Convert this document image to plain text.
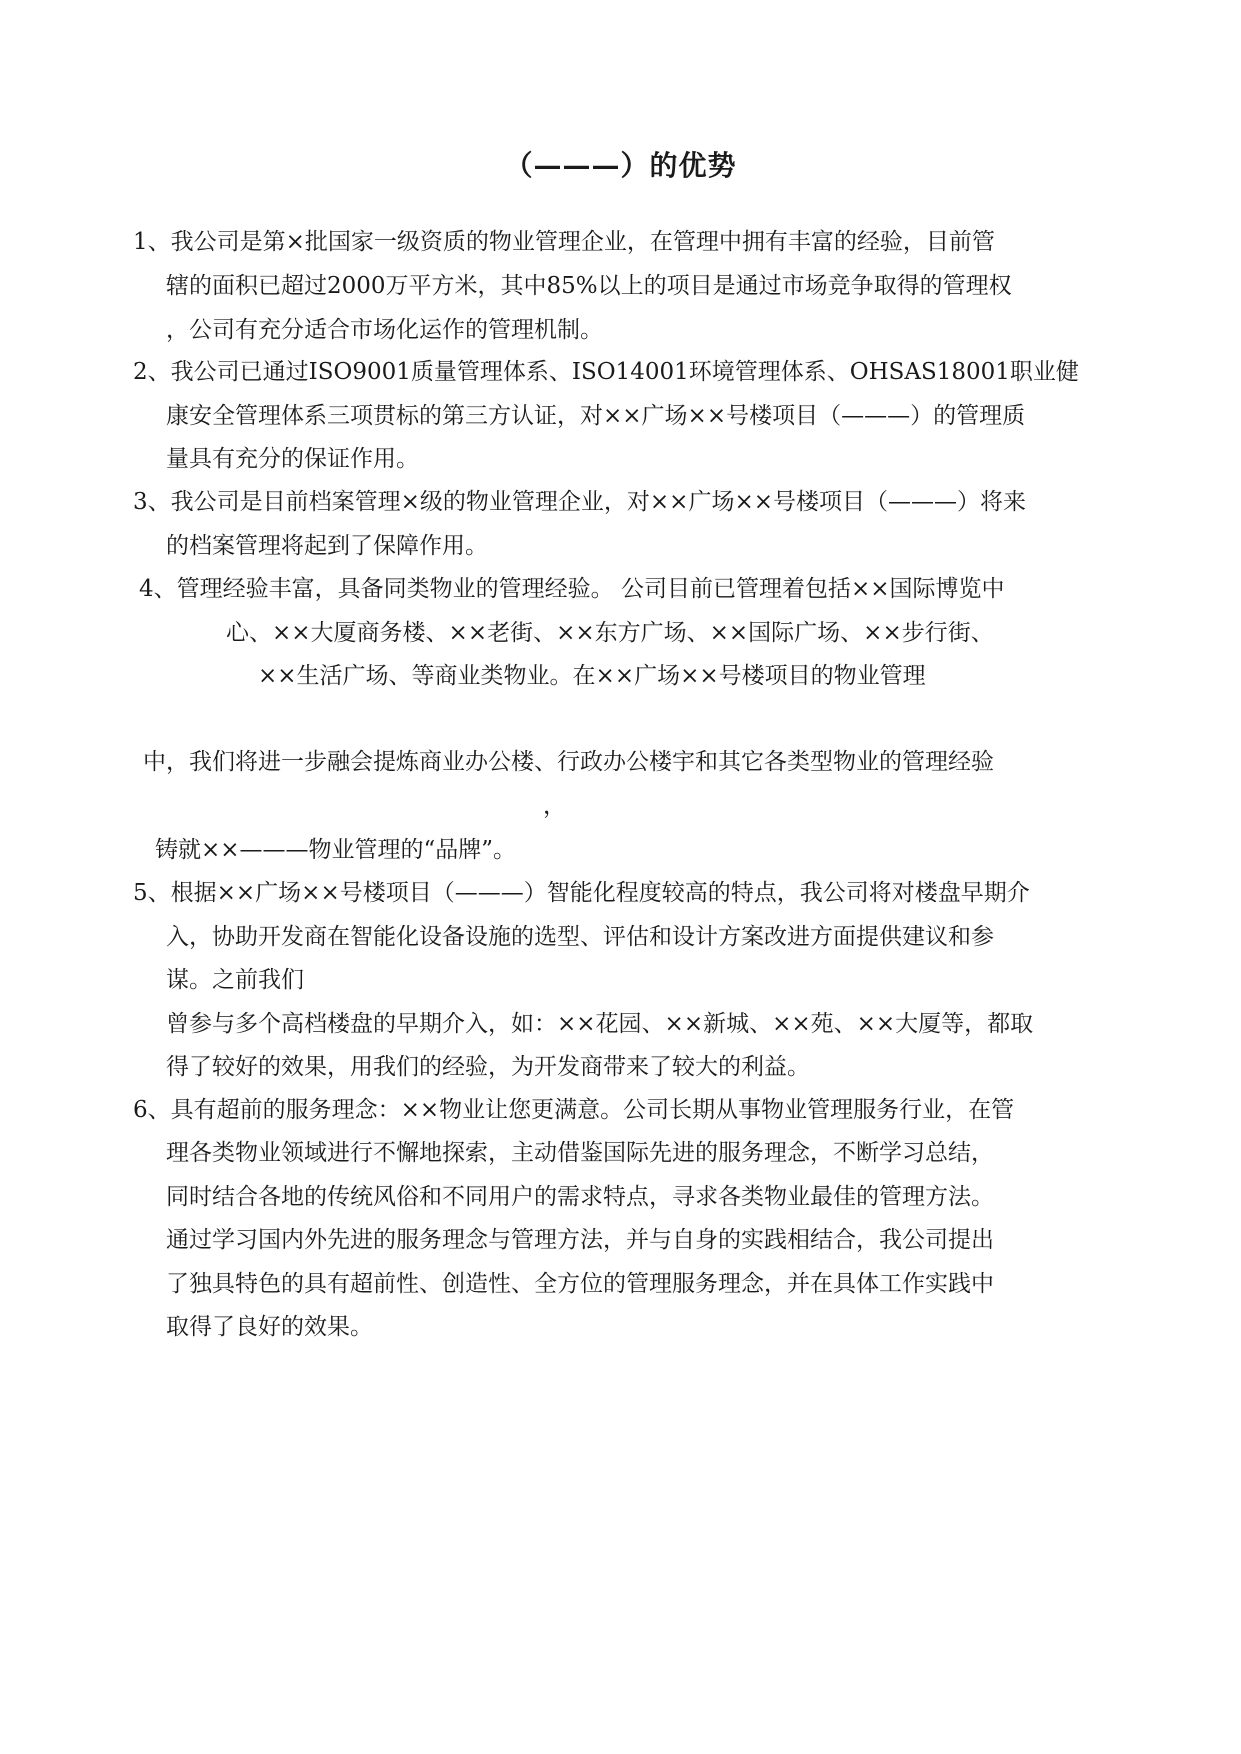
（———）的优势
1、我公司是第×批国家一级资质的物业管理企业，在管理中拥有丰富的经验，目前管
辖的面积已超过2000万平方米，其中85%以上的项目是通过市场竞争取得的管理权
，公司有充分适合市场化运作的管理机制。
2、我公司已通过ISO9001质量管理体系、ISO14001环境管理体系、OHSAS18001职业健
康安全管理体系三项贯标的第三方认证，对××广场××号楼项目（———）的管理质
量具有充分的保证作用。
3、我公司是目前档案管理×级的物业管理企业，对××广场××号楼项目（———）将来
的档案管理将起到了保障作用。
4、管理经验丰富，具备同类物业的管理经验。 公司目前已管理着包括××国际博览中
心、××大厦商务楼、××老街、××东方广场、××国际广场、××步行街、
××生活广场、等商业类物业。在××广场××号楼项目的物业管理
中，我们将进一步融会提炼商业办公楼、行政办公楼宇和其它各类型物业的管理经验
，
铸就××———物业管理的“品牌”。
5、根据××广场××号楼项目（———）智能化程度较高的特点，我公司将对楼盘早期介
入，协助开发商在智能化设备设施的选型、评估和设计方案改进方面提供建议和参
谋。之前我们
曾参与多个高档楼盘的早期介入，如：××花园、××新城、××苑、××大厦等，都取
得了较好的效果，用我们的经验，为开发商带来了较大的利益。
6、具有超前的服务理念：××物业让您更满意。公司长期从事物业管理服务行业，在管
理各类物业领域进行不懈地探索，主动借鉴国际先进的服务理念，不断学习总结，
同时结合各地的传统风俗和不同用户的需求特点，寻求各类物业最佳的管理方法。
通过学习国内外先进的服务理念与管理方法，并与自身的实践相结合，我公司提出
了独具特色的具有超前性、创造性、全方位的管理服务理念，并在具体工作实践中
取得了良好的效果。
